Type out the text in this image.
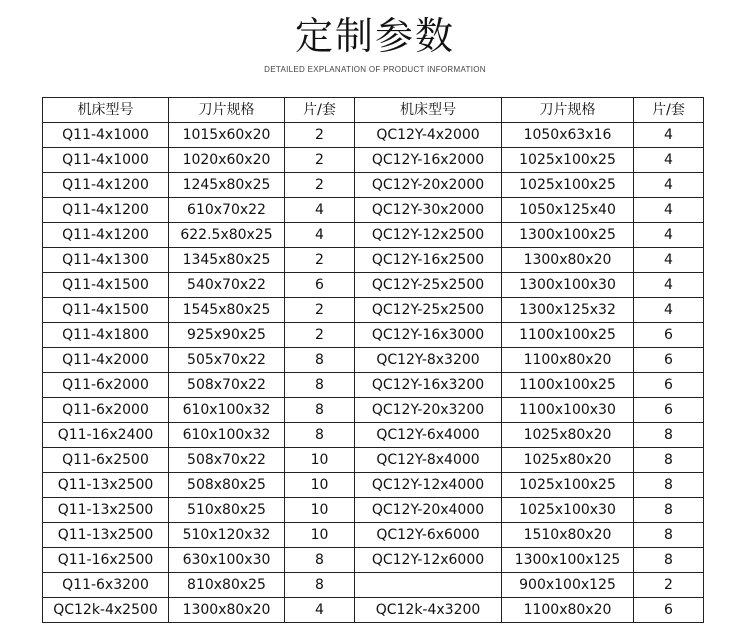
定制参数
DETAILED EXPLANATION OF PRODUCT INFORMATION
机床型号	刀片规格	片/套	机床型号	刀片规格	片/套
Q11-4x1000	1015x60x20	2	QC12Y-4x2000	1050x63x16	4
Q11-4x1000	1020x60x20	2	QC12Y-16x2000	1025x100x25	4
Q11-4x1200	1245x80x25	2	QC12Y-20x2000	1025x100x25	4
Q11-4x1200	610x70x22	4	QC12Y-30x2000	1050x125x40	4
Q11-4x1200	622.5x80x25	4	QC12Y-12x2500	1300x100x25	4
Q11-4x1300	1345x80x25	2	QC12Y-16x2500	1300x80x20	4
Q11-4x1500	540x70x22	6	QC12Y-25x2500	1300x100x30	4
Q11-4x1500	1545x80x25	2	QC12Y-25x2500	1300x125x32	4
Q11-4x1800	925x90x25	2	QC12Y-16x3000	1100x100x25	6
Q11-4x2000	505x70x22	8	QC12Y-8x3200	1100x80x20	6
Q11-6x2000	508x70x22	8	QC12Y-16x3200	1100x100x25	6
Q11-6x2000	610x100x32	8	QC12Y-20x3200	1100x100x30	6
Q11-16x2400	610x100x32	8	QC12Y-6x4000	1025x80x20	8
Q11-6x2500	508x70x22	10	QC12Y-8x4000	1025x80x20	8
Q11-13x2500	508x80x25	10	QC12Y-12x4000	1025x100x25	8
Q11-13x2500	510x80x25	10	QC12Y-20x4000	1025x100x30	8
Q11-13x2500	510x120x32	10	QC12Y-6x6000	1510x80x20	8
Q11-16x2500	630x100x30	8	QC12Y-12x6000	1300x100x125	8
Q11-6x3200	810x80x25	8		900x100x125	2
QC12k-4x2500	1300x80x20	4	QC12k-4x3200	1100x80x20	6
